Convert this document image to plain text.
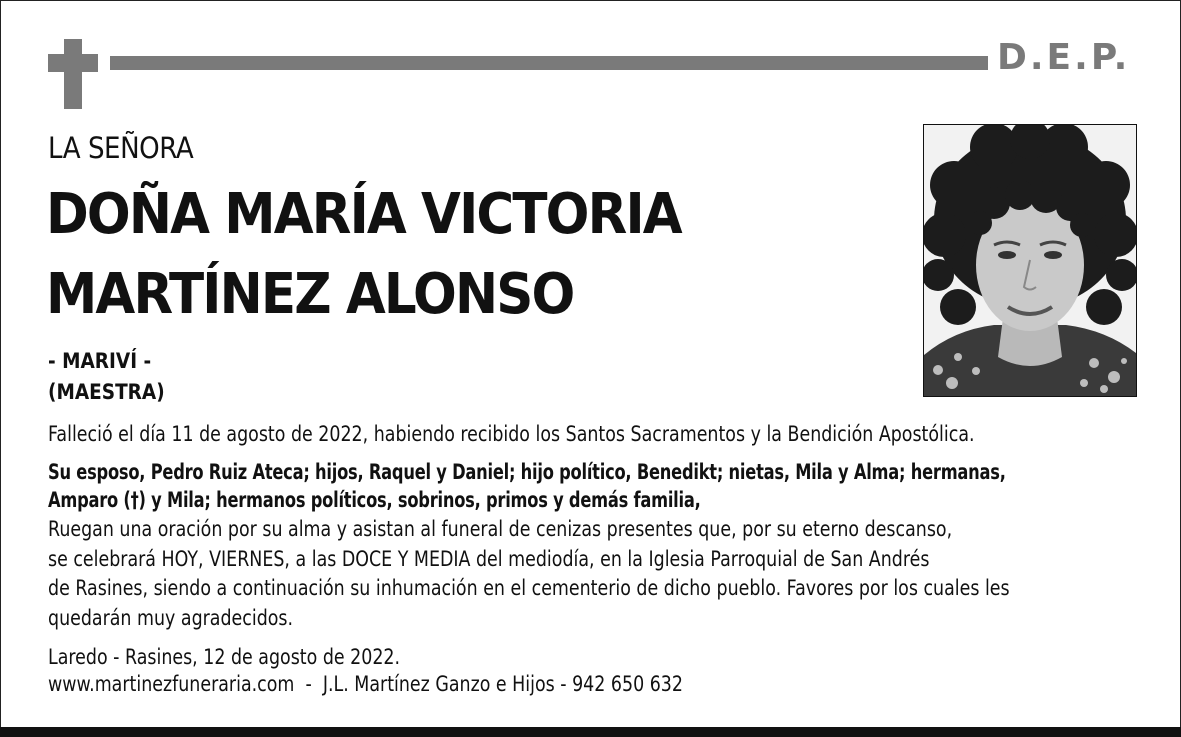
D.E.P.
LA SEÑORA
DOÑA MARÍA VICTORIA
MARTÍNEZ ALONSO
- MARIVÍ -
(MAESTRA)
Falleció el día 11 de agosto de 2022, habiendo recibido los Santos Sacramentos y la Bendición Apostólica.
Su esposo, Pedro Ruiz Ateca; hijos, Raquel y Daniel; hijo político, Benedikt; nietas, Mila y Alma; hermanas,
Amparo (†) y Mila; hermanos políticos, sobrinos, primos y demás familia,
Ruegan una oración por su alma y asistan al funeral de cenizas presentes que, por su eterno descanso,
se celebrará HOY, VIERNES, a las DOCE Y MEDIA del mediodía, en la Iglesia Parroquial de San Andrés
de Rasines, siendo a continuación su inhumación en el cementerio de dicho pueblo. Favores por los cuales les
quedarán muy agradecidos.
Laredo - Rasines, 12 de agosto de 2022.
www.martinezfuneraria.com  -  J.L. Martínez Ganzo e Hijos - 942 650 632
